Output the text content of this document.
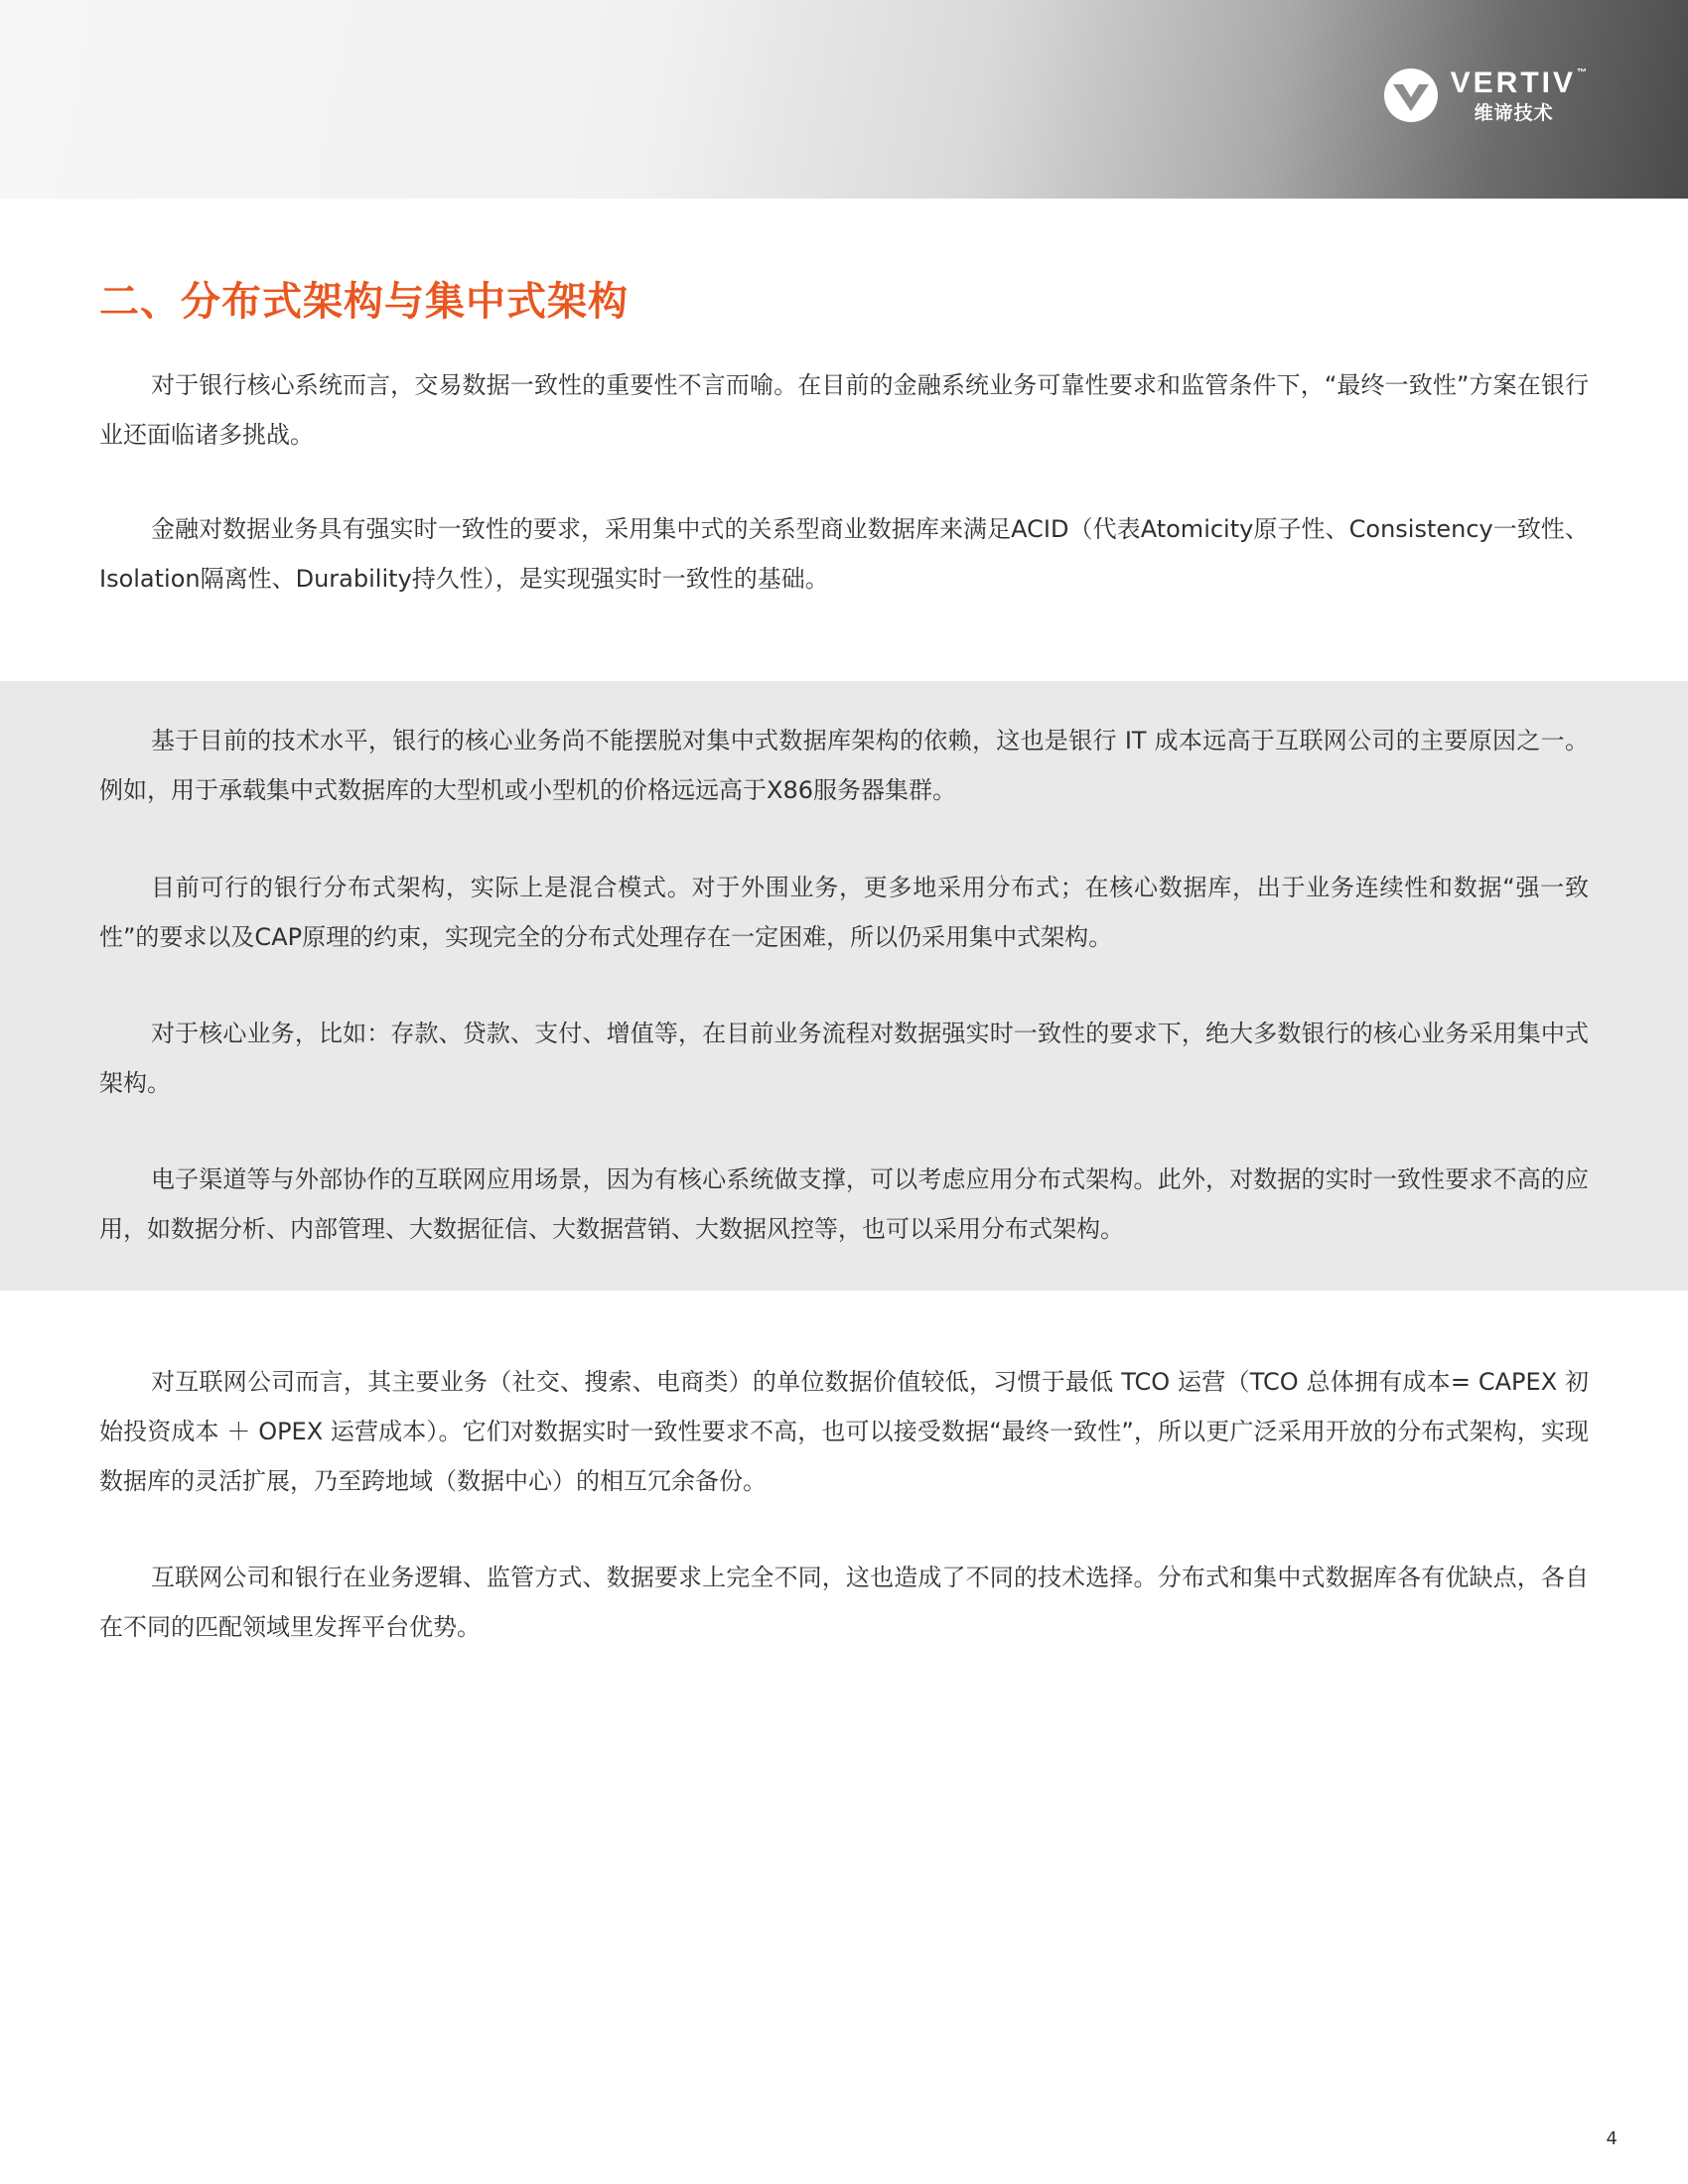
VERTIV™
维谛技术
二、分布式架构与集中式架构

对于银行核心系统而言，交易数据一致性的重要性不言而喻。在目前的金融系统业务可靠性要求和监管条件下，“最终一致性”方案在银行业还面临诸多挑战。

金融对数据业务具有强实时一致性的要求，采用集中式的关系型商业数据库来满足ACID（代表Atomicity原子性、Consistency一致性、Isolation隔离性、Durability持久性），是实现强实时一致性的基础。

基于目前的技术水平，银行的核心业务尚不能摆脱对集中式数据库架构的依赖，这也是银行 IT 成本远高于互联网公司的主要原因之一。例如，用于承载集中式数据库的大型机或小型机的价格远远高于X86服务器集群。

目前可行的银行分布式架构，实际上是混合模式。对于外围业务，更多地采用分布式；在核心数据库，出于业务连续性和数据“强一致性”的要求以及CAP原理的约束，实现完全的分布式处理存在一定困难，所以仍采用集中式架构。

对于核心业务，比如：存款、贷款、支付、增值等，在目前业务流程对数据强实时一致性的要求下，绝大多数银行的核心业务采用集中式架构。

电子渠道等与外部协作的互联网应用场景，因为有核心系统做支撑，可以考虑应用分布式架构。此外，对数据的实时一致性要求不高的应用，如数据分析、内部管理、大数据征信、大数据营销、大数据风控等，也可以采用分布式架构。

对互联网公司而言，其主要业务（社交、搜索、电商类）的单位数据价值较低，习惯于最低 TCO 运营（TCO 总体拥有成本= CAPEX 初始投资成本 ＋ OPEX 运营成本）。它们对数据实时一致性要求不高，也可以接受数据“最终一致性”，所以更广泛采用开放的分布式架构，实现数据库的灵活扩展，乃至跨地域（数据中心）的相互冗余备份。

互联网公司和银行在业务逻辑、监管方式、数据要求上完全不同，这也造成了不同的技术选择。分布式和集中式数据库各有优缺点，各自在不同的匹配领域里发挥平台优势。

4
